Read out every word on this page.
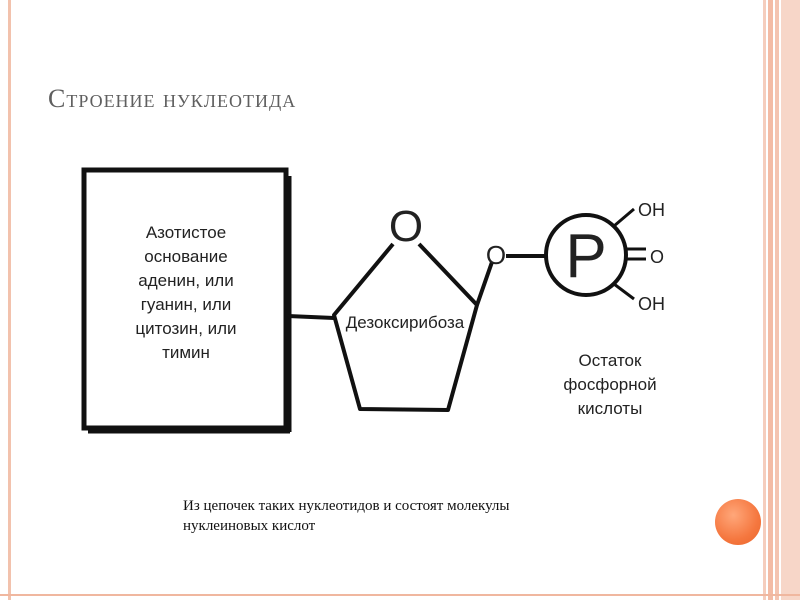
Строение нуклеотида
Азотистое
основание
аденин, или
гуанин, или
цитозин, или
тимин
O
Дезоксирибоза
O P
OH
O
OH
Остаток
фосфорной
кислоты
Из цепочек таких нуклеотидов и состоят молекулы
нуклеиновых кислот
